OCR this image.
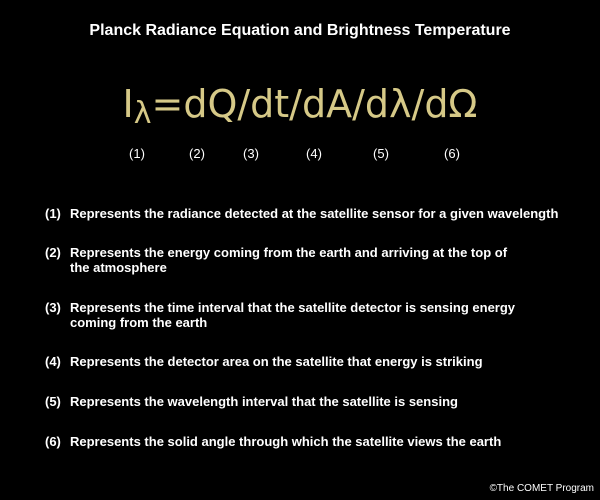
Planck Radiance Equation and Brightness Temperature
Iλ=dQ/dt/dA/dλ/dΩ
(1)	(2)	(3)	(4)	(5)	(6)
(1) Represents the radiance detected at the satellite sensor for a given wavelength
(2) Represents the energy coming from the earth and arriving at the top of the atmosphere
(3) Represents the time interval that the satellite detector is sensing energy coming from the earth
(4) Represents the detector area on the satellite that energy is striking
(5) Represents the wavelength interval that the satellite is sensing
(6) Represents the solid angle through which the satellite views the earth
©The COMET Program
